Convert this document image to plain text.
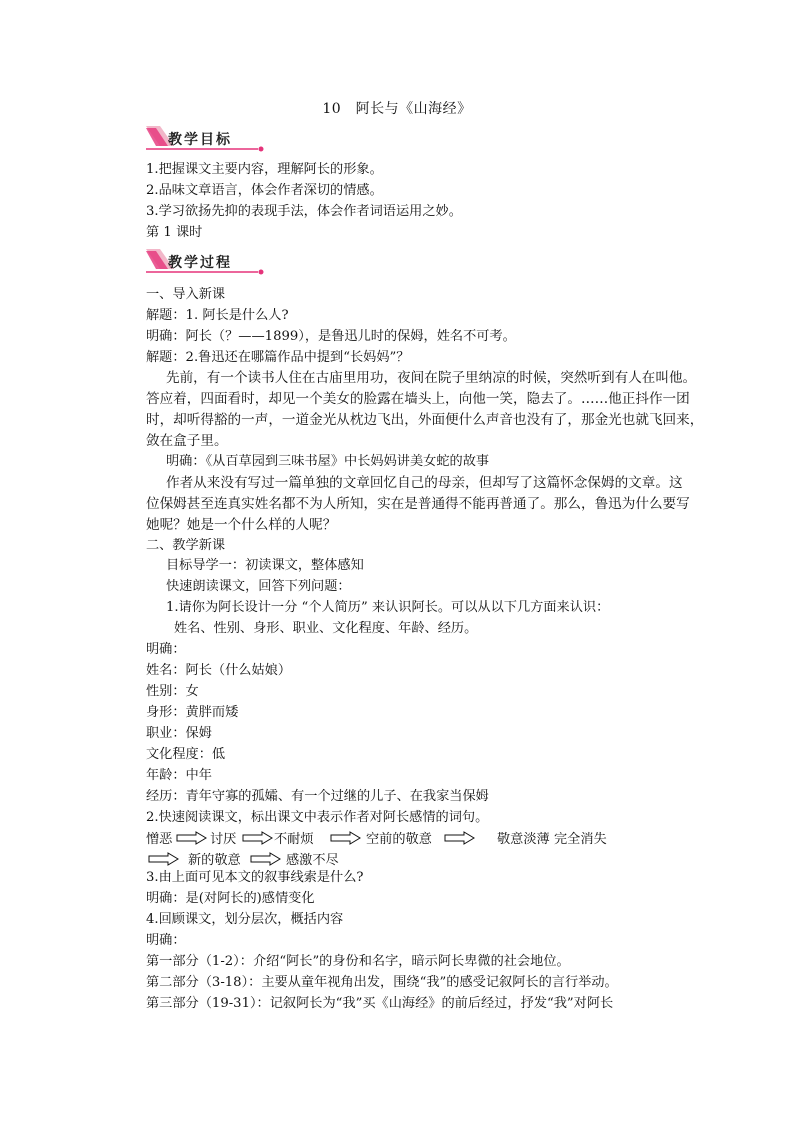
10　阿长与《山海经》
教学目标
1.把握课文主要内容，理解阿长的形象。
2.品味文章语言，体会作者深切的情感。
3.学习欲扬先抑的表现手法，体会作者词语运用之妙。
第 1 课时
教学过程
一、导入新课
解题：1. 阿长是什么人?
明确：阿长（？——1899），是鲁迅儿时的保姆，姓名不可考。
解题：2.鲁迅还在哪篇作品中提到“长妈妈”？
先前，有一个读书人住在古庙里用功，夜间在院子里纳凉的时候，突然听到有人在叫他。
答应着，四面看时，却见一个美女的脸露在墙头上，向他一笑，隐去了。……他正抖作一团
时，却听得豁的一声，一道金光从枕边飞出，外面便什么声音也没有了，那金光也就飞回来，
敛在盒子里。
明确：《从百草园到三味书屋》中长妈妈讲美女蛇的故事
作者从来没有写过一篇单独的文章回忆自己的母亲，但却写了这篇怀念保姆的文章。这
位保姆甚至连真实姓名都不为人所知，实在是普通得不能再普通了。那么，鲁迅为什么要写
她呢？她是一个什么样的人呢？
二、教学新课
目标导学一：初读课文，整体感知
快速朗读课文，回答下列问题：
1.请你为阿长设计一分 “个人简历” 来认识阿长。可以从以下几方面来认识：
姓名、性别、身形、职业、文化程度、年龄、经历。
明确：
姓名：阿长（什么姑娘）
性别：女
身形：黄胖而矮
职业：保姆
文化程度：低
年龄：中年
经历：青年守寡的孤孀、有一个过继的儿子、在我家当保姆
2.快速阅读课文，标出课文中表示作者对阿长感情的词句。
憎恶	讨厌	不耐烦	空前的敬意	敬意淡薄 完全消失
新的敬意	感激不尽
3.由上面可见本文的叙事线索是什么?
明确：是(对阿长的)感情变化
4.回顾课文，划分层次，概括内容
明确：
第一部分（1-2）：介绍“阿长”的身份和名字，暗示阿长卑微的社会地位。
第二部分（3-18）：主要从童年视角出发，围绕“我”的感受记叙阿长的言行举动。
第三部分（19-31）：记叙阿长为“我”买《山海经》的前后经过，抒发“我”对阿长
